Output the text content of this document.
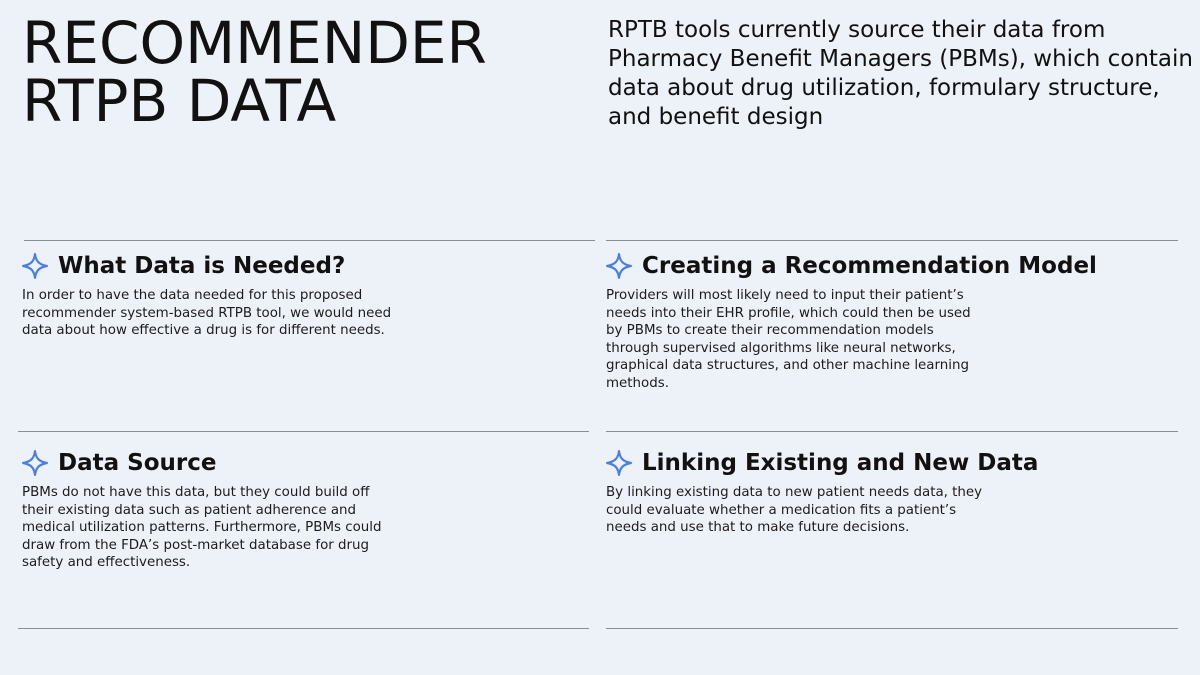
RECOMMENDER
RTPB DATA
RPTB tools currently source their data from Pharmacy Benefit Managers (PBMs), which contain data about drug utilization, formulary structure, and benefit design
What Data is Needed?
In order to have the data needed for this proposed recommender system-based RTPB tool, we would need data about how effective a drug is for different needs.
Creating a Recommendation Model
Providers will most likely need to input their patient’s needs into their EHR profile, which could then be used by PBMs to create their recommendation models through supervised algorithms like neural networks, graphical data structures, and other machine learning methods.
Data Source
PBMs do not have this data, but they could build off their existing data such as patient adherence and medical utilization patterns. Furthermore, PBMs could draw from the FDA’s post-market database for drug safety and effectiveness.
Linking Existing and New Data
By linking existing data to new patient needs data, they could evaluate whether a medication fits a patient’s needs and use that to make future decisions.
